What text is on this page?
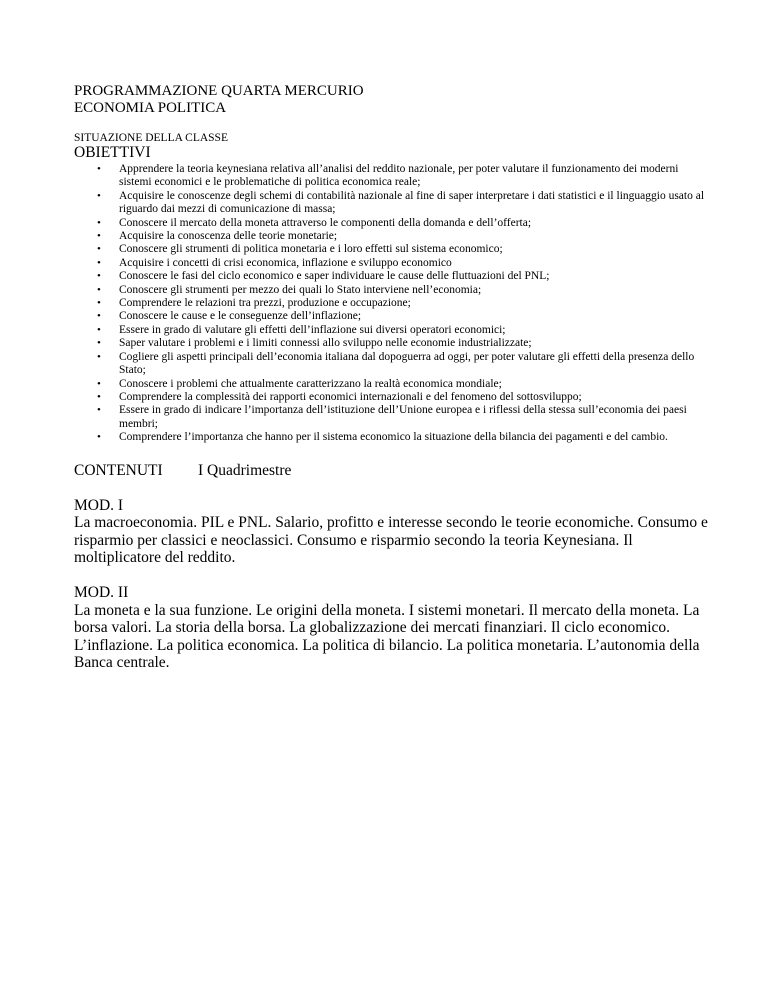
PROGRAMMAZIONE QUARTA MERCURIO

ECONOMIA POLITICA

SITUAZIONE DELLA CLASSE
OBIETTIVI
• Apprendere la teoria keynesiana relativa all’analisi del reddito nazionale, per poter valutare il funzionamento dei moderni sistemi economici e le problematiche di politica economica reale;
• Acquisire le conoscenze degli schemi di contabilità nazionale al fine di saper interpretare i dati statistici e il linguaggio usato al riguardo dai mezzi di comunicazione di massa;
• Conoscere il mercato della moneta attraverso le componenti della domanda e dell’offerta;
• Acquisire la conoscenza delle teorie monetarie;
• Conoscere gli strumenti di politica monetaria e i loro effetti sul sistema economico;
• Acquisire i concetti di crisi economica, inflazione e sviluppo economico
• Conoscere le fasi del ciclo economico e saper individuare le cause delle fluttuazioni del PNL;
• Conoscere gli strumenti per mezzo dei quali lo Stato interviene nell’economia;
• Comprendere le relazioni tra prezzi, produzione e occupazione;
• Conoscere le cause e le conseguenze dell’inflazione;
• Essere in grado di valutare gli effetti dell’inflazione sui diversi operatori economici;
• Saper valutare i problemi e i limiti connessi allo sviluppo nelle economie industrializzate;
• Cogliere gli aspetti principali dell’economia italiana dal dopoguerra ad oggi, per poter valutare gli effetti della presenza dello Stato;
• Conoscere i problemi che attualmente caratterizzano la realtà economica mondiale;
• Comprendere la complessità dei rapporti economici internazionali e del fenomeno del sottosviluppo;
• Essere in grado di indicare l’importanza dell’istituzione dell’Unione europea e i riflessi della stessa sull’economia dei paesi membri;
• Comprendere l’importanza che hanno per il sistema economico la situazione della bilancia dei pagamenti e del cambio.
CONTENUTI I Quadrimestre
MOD. I
La macroeconomia. PIL e PNL. Salario, profitto e interesse secondo le teorie economiche. Consumo e risparmio per classici e neoclassici. Consumo e risparmio secondo la teoria Keynesiana. Il moltiplicatore del reddito.
MOD. II
La moneta e la sua funzione. Le origini della moneta. I sistemi monetari. Il mercato della moneta. La borsa valori. La storia della borsa. La globalizzazione dei mercati finanziari. Il ciclo economico. L’inflazione. La politica economica. La politica di bilancio. La politica monetaria. L’autonomia della Banca centrale.
